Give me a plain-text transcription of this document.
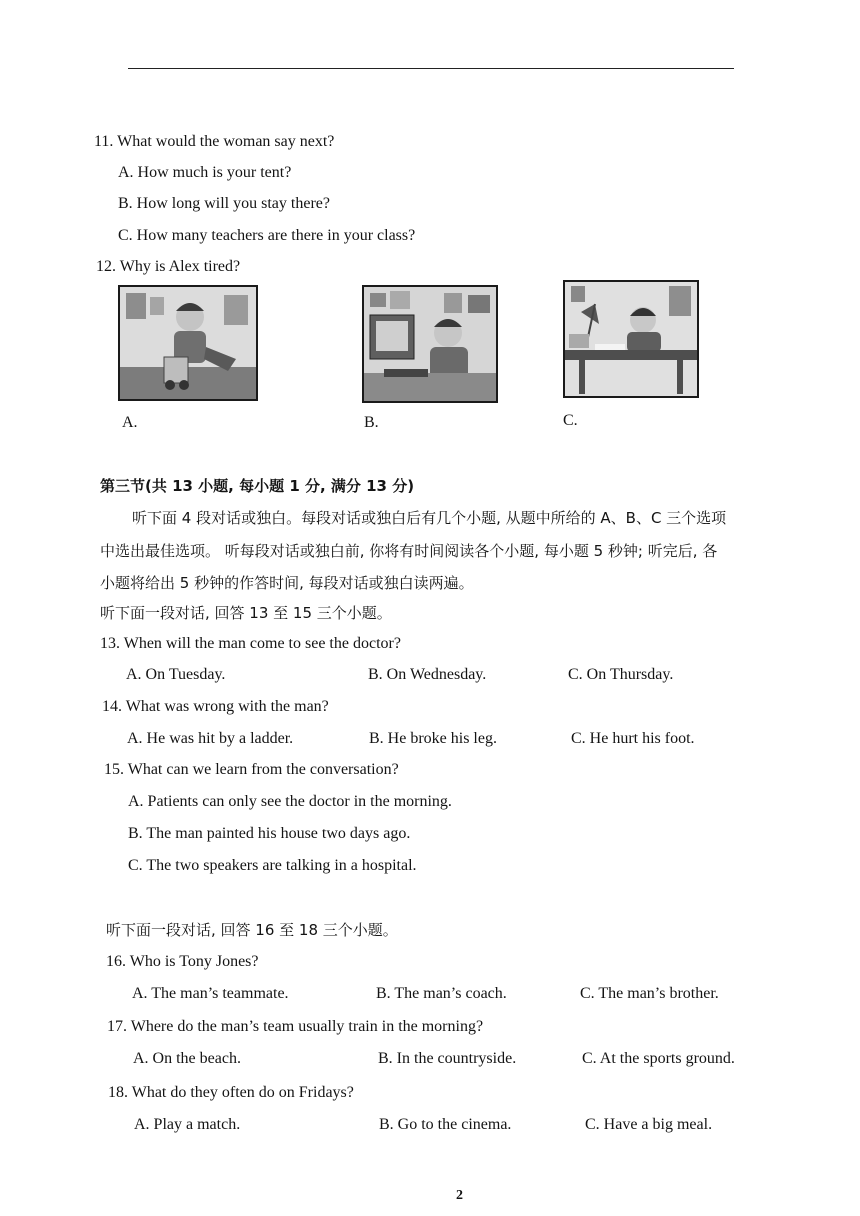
11. What would the woman say next?
A. How much is your tent?
B. How long will you stay there?
C. How many teachers are there in your class?
12. Why is Alex tired?
A.	B.	C.
第三节(共 13 小题, 每小题 1 分, 满分 13 分)
听下面 4 段对话或独白。每段对话或独白后有几个小题, 从题中所给的 A、B、C 三个选项
中选出最佳选项。 听每段对话或独白前, 你将有时间阅读各个小题, 每小题 5 秒钟; 听完后, 各
小题将给出 5 秒钟的作答时间, 每段对话或独白读两遍。
听下面一段对话, 回答 13 至 15 三个小题。
13. When will the man come to see the doctor?
A. On Tuesday.	B. On Wednesday.	C. On Thursday.
14. What was wrong with the man?
A. He was hit by a ladder.	B. He broke his leg.	C. He hurt his foot.
15. What can we learn from the conversation?
A. Patients can only see the doctor in the morning.
B. The man painted his house two days ago.
C. The two speakers are talking in a hospital.
听下面一段对话, 回答 16 至 18 三个小题。
16. Who is Tony Jones?
A. The man’s teammate.	B. The man’s coach.	C. The man’s brother.
17. Where do the man’s team usually train in the morning?
A. On the beach.	B. In the countryside.	C. At the sports ground.
18. What do they often do on Fridays?
A. Play a match.	B. Go to the cinema.	C. Have a big meal.
2
